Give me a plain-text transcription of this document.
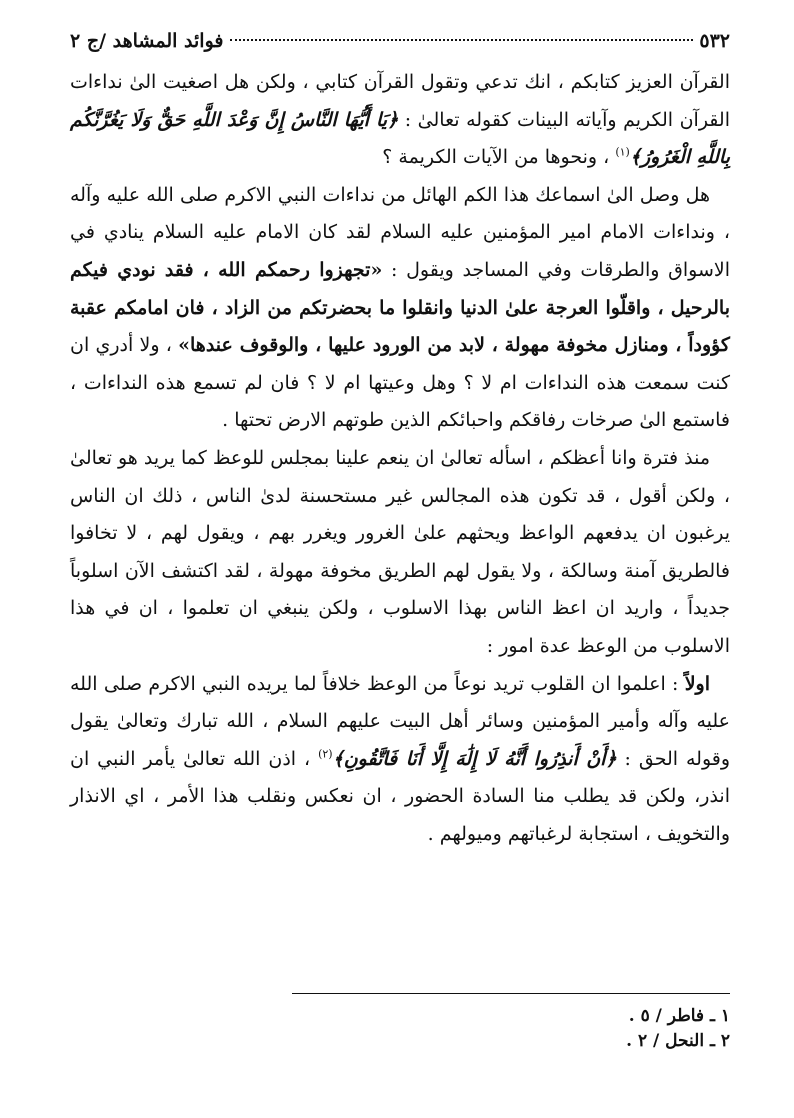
٥٣٢
فوائد المشاهد /ج ٢

القرآن العزيز كتابكم ، انك تدعي وتقول القرآن كتابي ، ولكن هل اصغيت الىٰ نداءات القرآن الكريم وآياته البينات كقوله تعالىٰ : ﴿يَا أَيُّهَا النَّاسُ إِنَّ وَعْدَ اللَّهِ حَقٌّ وَلَا يَغُرَّنَّكُم بِاللَّهِ الْغَرُورُ﴾$^{(١)}$ ، ونحوها من الآيات الكريمة ؟

هل وصل الىٰ اسماعك هذا الكم الهائل من نداءات النبي الاكرم صلى الله عليه وآله ، ونداءات الامام امير المؤمنين عليه السلام لقد كان الامام عليه السلام ينادي في الاسواق والطرقات وفي المساجد ويقول : «تجهزوا رحمكم الله ، فقد نودي فيكم بالرحيل ، واقلّوا العرجة علىٰ الدنيا وانقلوا ما بحضرتكم من الزاد ، فان امامكم عقبة كؤوداً ، ومنازل مخوفة مهولة ، لابد من الورود عليها ، والوقوف عندها» ، ولا أدري ان كنت سمعت هذه النداءات ام لا ؟ وهل وعيتها ام لا ؟ فان لم تسمع هذه النداءات ، فاستمع الىٰ صرخات رفاقكم واحبائكم الذين طوتهم الارض تحتها .

منذ فترة وانا أعظكم ، اسأله تعالىٰ ان ينعم علينا بمجلس للوعظ كما يريد هو تعالىٰ ، ولكن أقول ، قد تكون هذه المجالس غير مستحسنة لدىٰ الناس ، ذلك ان الناس يرغبون ان يدفعهم الواعظ ويحثهم علىٰ الغرور ويغرر بهم ، ويقول لهم ، لا تخافوا فالطريق آمنة وسالكة ، ولا يقول لهم الطريق مخوفة مهولة ، لقد اكتشف الآن اسلوباً جديداً ، واريد ان اعظ الناس بهذا الاسلوب ، ولكن ينبغي ان تعلموا ، ان في هذا الاسلوب من الوعظ عدة امور :

اولاً : اعلموا ان القلوب تريد نوعاً من الوعظ خلافاً لما يريده النبي الاكرم صلى الله عليه وآله وأمير المؤمنين وسائر أهل البيت عليهم السلام ، الله تبارك وتعالىٰ يقول وقوله الحق : ﴿أَنْ أَنذِرُوا أَنَّهُ لَا إِلَٰهَ إِلَّا أَنَا فَاتَّقُونِ﴾$^{(٢)}$ ، اذن الله تعالىٰ يأمر النبي ان انذر، ولكن قد يطلب منا السادة الحضور ، ان نعكس ونقلب هذا الأمر ، اي الانذار والتخويف ، استجابة لرغباتهم وميولهم .

١ ـ فاطر / ٥ .
٢ ـ النحل / ٢ .
